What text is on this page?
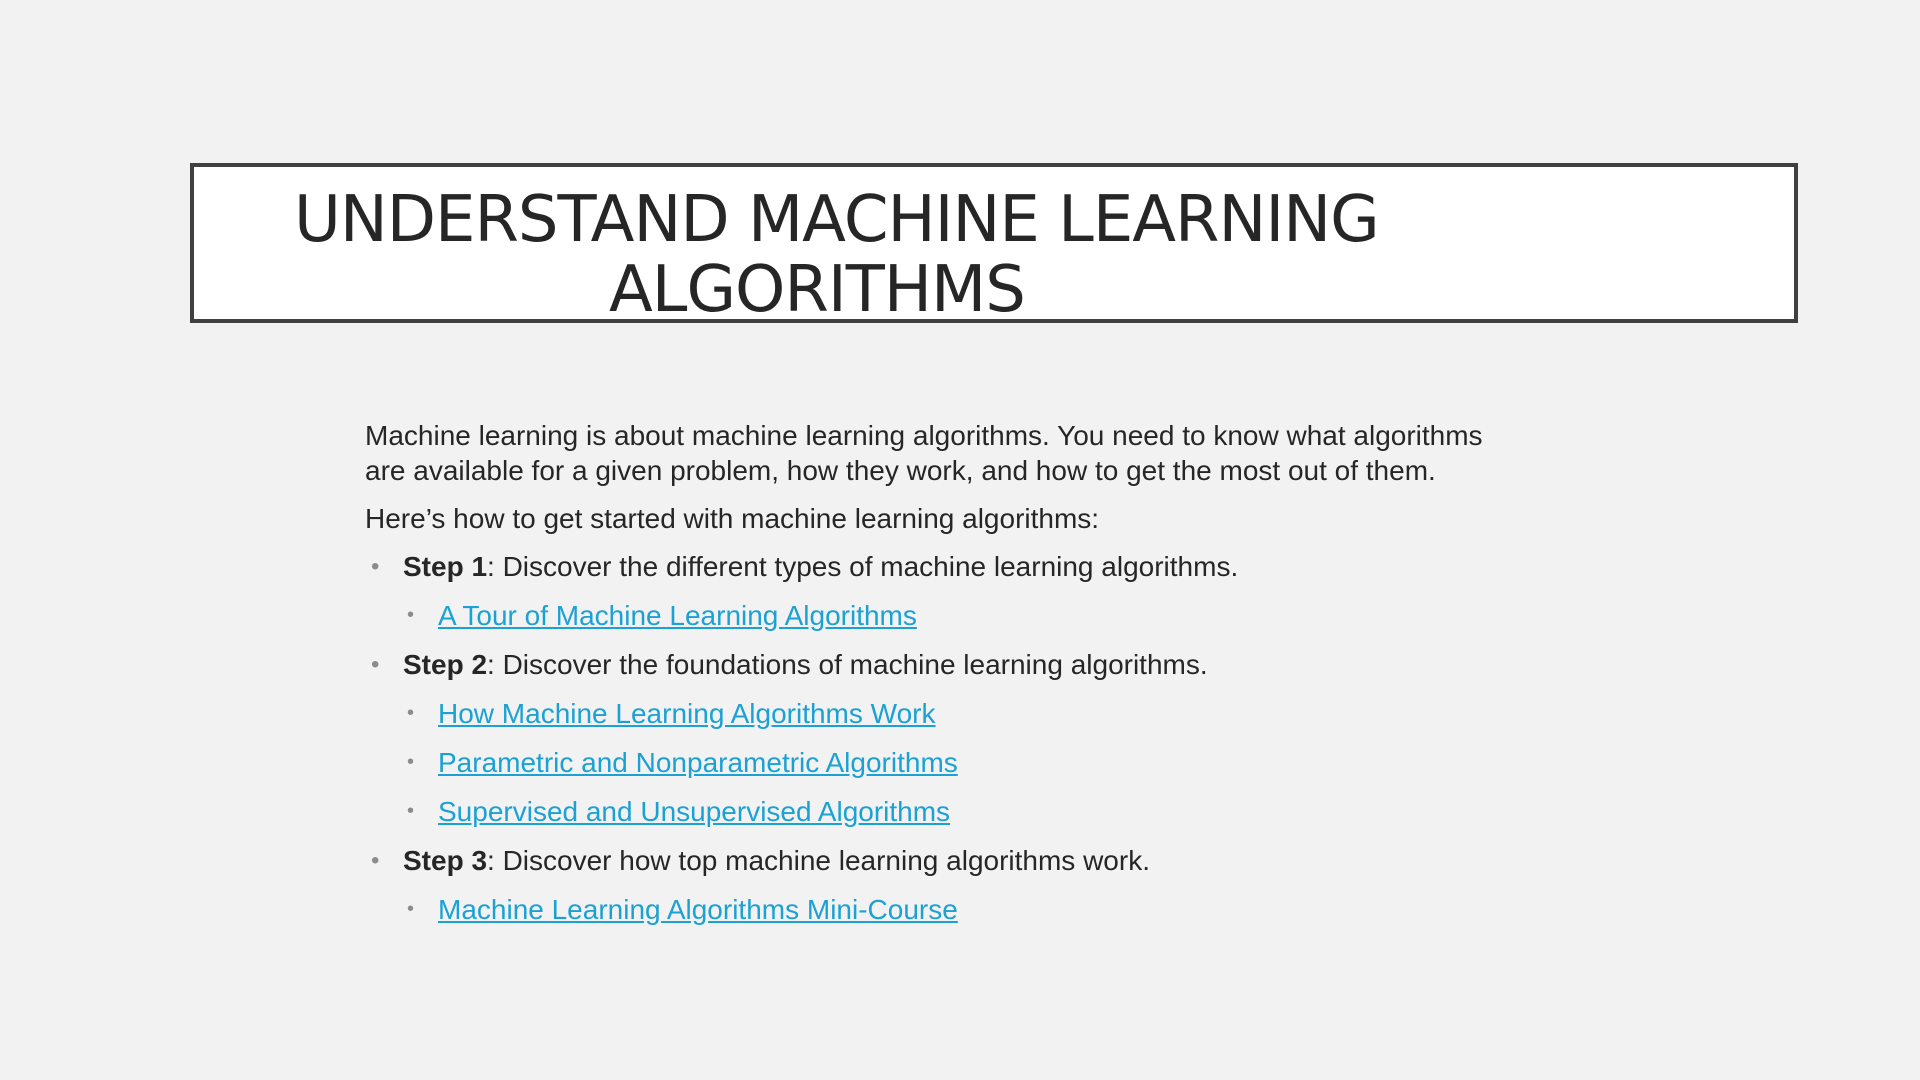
UNDERSTAND MACHINE LEARNING
ALGORITHMS

Machine learning is about machine learning algorithms. You need to know what algorithms are available for a given problem, how they work, and how to get the most out of them.

Here’s how to get started with machine learning algorithms:

• Step 1: Discover the different types of machine learning algorithms.
• A Tour of Machine Learning Algorithms
• Step 2: Discover the foundations of machine learning algorithms.
• How Machine Learning Algorithms Work
• Parametric and Nonparametric Algorithms
• Supervised and Unsupervised Algorithms
• Step 3: Discover how top machine learning algorithms work.
• Machine Learning Algorithms Mini-Course
